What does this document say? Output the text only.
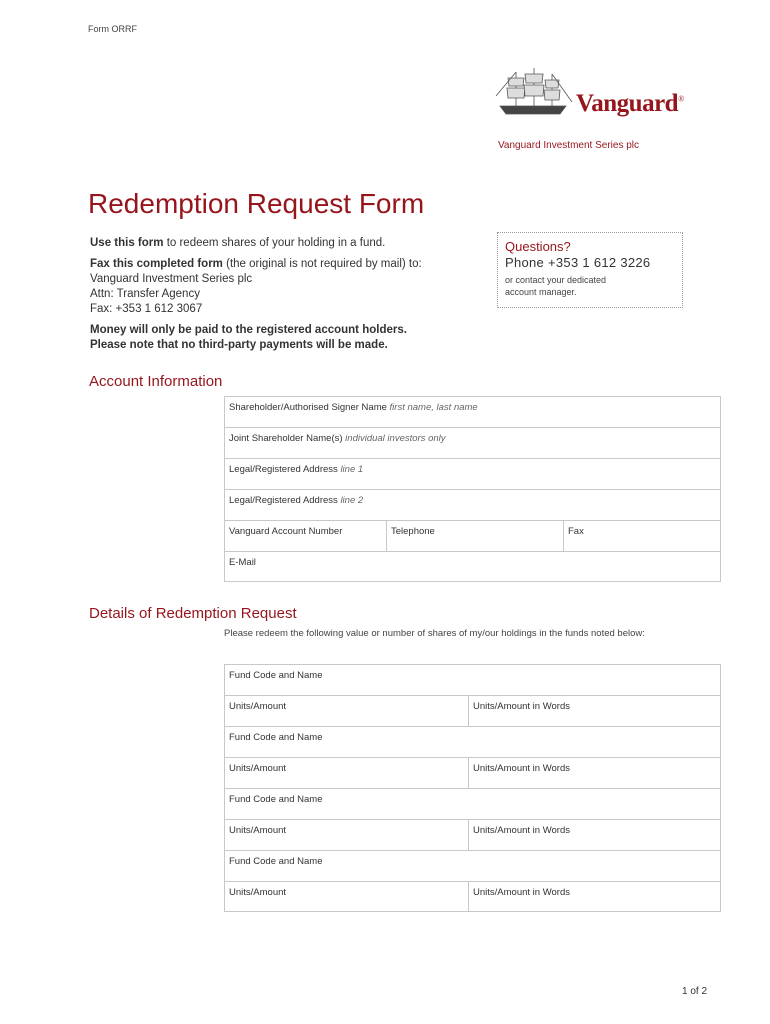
Form ORRF
Vanguard®
Vanguard Investment Series plc
Redemption Request Form
Use this form to redeem shares of your holding in a fund.
Fax this completed form (the original is not required by mail) to:
Vanguard Investment Series plc
Attn: Transfer Agency
Fax: +353 1 612 3067
Money will only be paid to the registered account holders.
Please note that no third-party payments will be made.
Questions?
Phone +353 1 612 3226
or contact your dedicated
account manager.
Account Information
Shareholder/Authorised Signer Name first name, last name
Joint Shareholder Name(s) individual investors only
Legal/Registered Address line 1
Legal/Registered Address line 2
Vanguard Account Number	Telephone	Fax
E-Mail
Details of Redemption Request
Please redeem the following value or number of shares of my/our holdings in the funds noted below:
Fund Code and Name
Units/Amount	Units/Amount in Words
Fund Code and Name
Units/Amount	Units/Amount in Words
Fund Code and Name
Units/Amount	Units/Amount in Words
Fund Code and Name
Units/Amount	Units/Amount in Words
1 of 2
